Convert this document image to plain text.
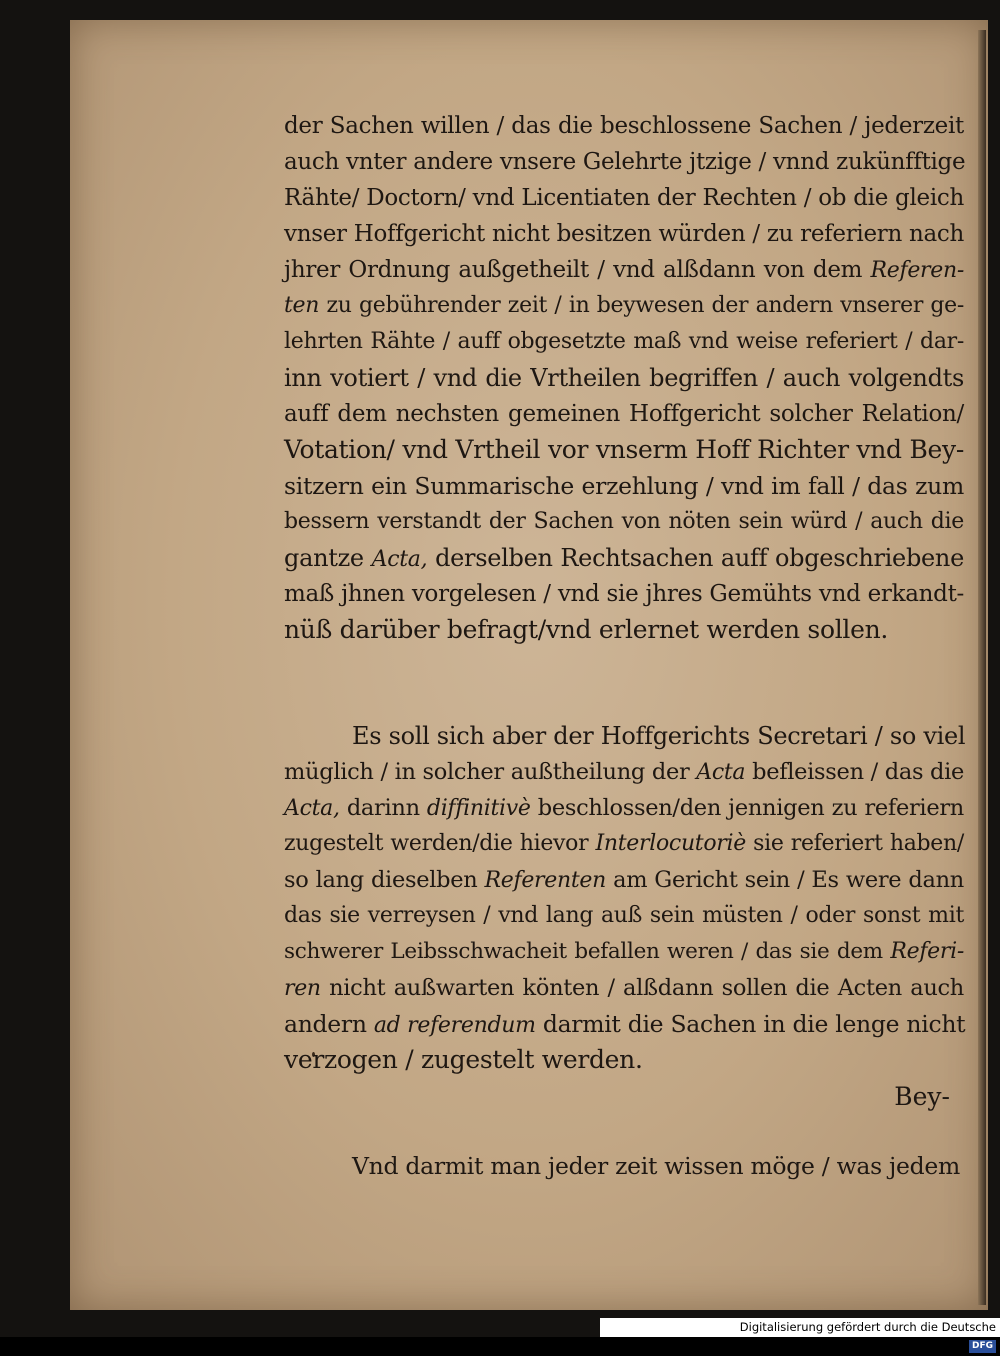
der Sachen willen / das die beschlossene Sachen / jederzeit
auch vnter andere vnsere Gelehrte jtzige / vnnd zukünfftige
Rähte/ Doctorn/ vnd Licentiaten der Rechten / ob die gleich
vnser Hoffgericht nicht besitzen würden / zu referiern nach
jhrer Ordnung außgetheilt / vnd alßdann von dem Referen-
ten zu gebührender zeit / in beywesen der andern vnserer ge-
lehrten Rähte / auff obgesetzte maß vnd weise referiert / dar-
inn votiert / vnd die Vrtheilen begriffen / auch volgendts
auff dem nechsten gemeinen Hoffgericht solcher Relation/
Votation/ vnd Vrtheil vor vnserm Hoff Richter vnd Bey-
sitzern ein Summarische erzehlung / vnd im fall / das zum
bessern verstandt der Sachen von nöten sein würd / auch die
gantze Acta, derselben Rechtsachen auff obgeschriebene
maß jhnen vorgelesen / vnd sie jhres Gemühts vnd erkandt-
nüß darüber befragt/vnd erlernet werden sollen.
Es soll sich aber der Hoffgerichts Secretari / so viel
müglich / in solcher außtheilung der Acta befleissen / das die
Acta, darinn diffinitivè beschlossen/den jennigen zu referiern
zugestelt werden/die hievor Interlocutoriè sie referiert haben/
so lang dieselben Referenten am Gericht sein / Es were dann
das sie verreysen / vnd lang auß sein müsten / oder sonst mit
schwerer Leibsschwacheit befallen weren / das sie dem Referi-
ren nicht außwarten könten / alßdann sollen die Acten auch
andern ad referendum darmit die Sachen in die lenge nicht
verzogen / zugestelt werden.
Vnd darmit man jeder zeit wissen möge / was jedem
Bey-
Digitalisierung gefördert durch die Deutsche Forschungsgemeinschaft · DFG
